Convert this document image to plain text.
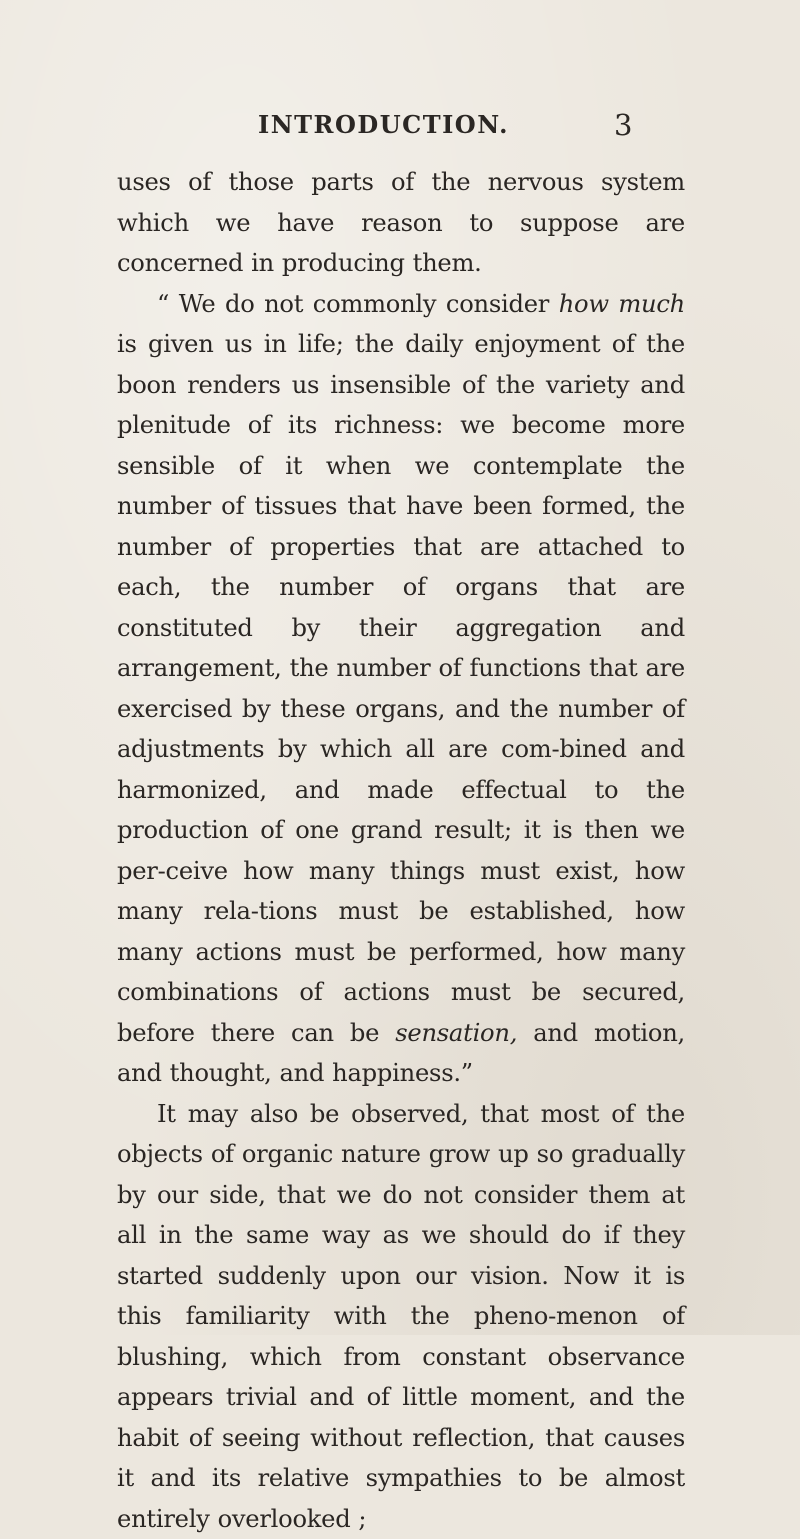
INTRODUCTION.	3

uses of those parts of the nervous system which we have reason to suppose are concerned in producing them.

“ We do not commonly consider how much is given us in life; the daily enjoyment of the boon renders us insensible of the variety and plenitude of its richness: we become more sensible of it when we contemplate the number of tissues that have been formed, the number of properties that are attached to each, the number of organs that are constituted by their aggregation and arrangement, the number of functions that are exercised by these organs, and the number of adjustments by which all are com-bined and harmonized, and made effectual to the production of one grand result; it is then we per-ceive how many things must exist, how many rela-tions must be established, how many actions must be performed, how many combinations of actions must be secured, before there can be sensation, and motion, and thought, and happiness.”

It may also be observed, that most of the objects of organic nature grow up so gradually by our side, that we do not consider them at all in the same way as we should do if they started suddenly upon our vision. Now it is this familiarity with the pheno-menon of blushing, which from constant observance appears trivial and of little moment, and the habit of seeing without reflection, that causes it and its relative sympathies to be almost entirely overlooked ;
